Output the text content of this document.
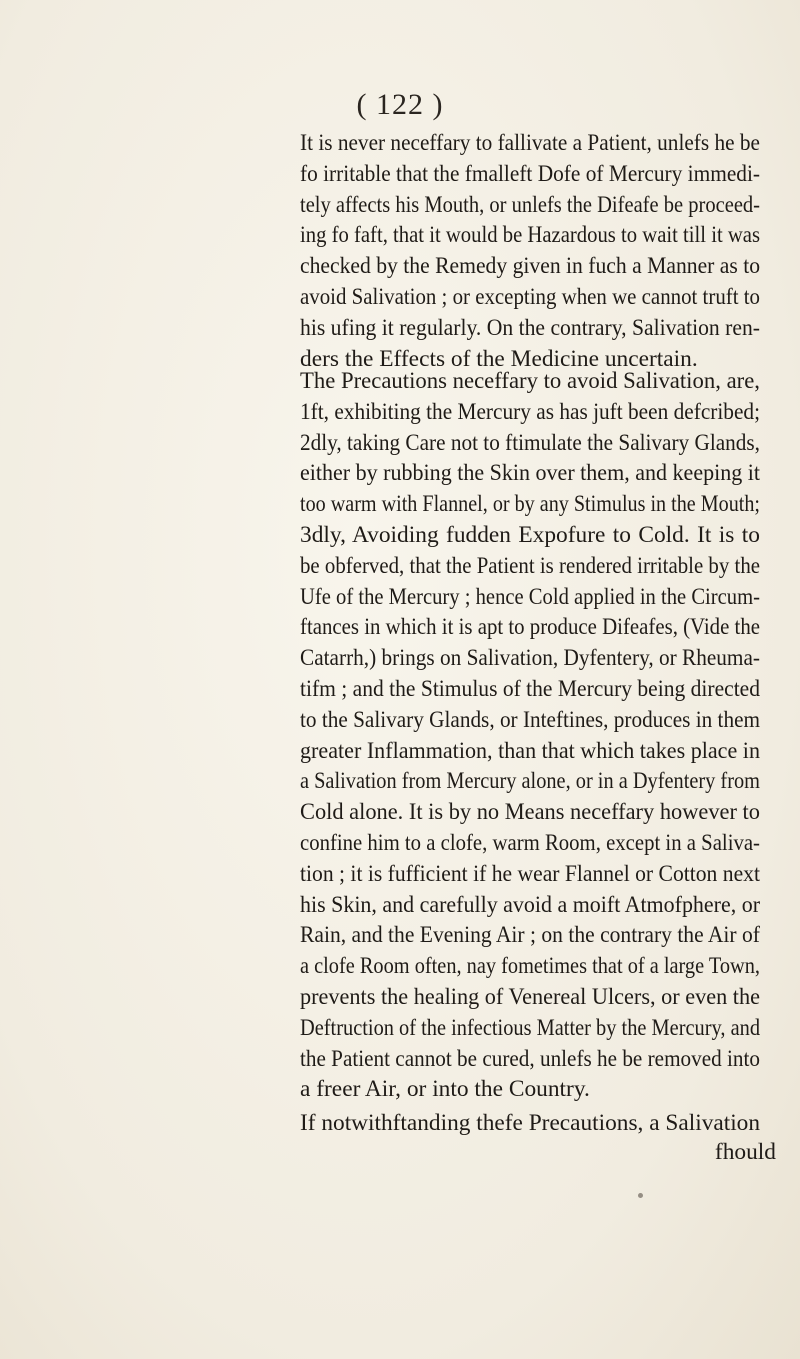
( 122 )
It is never neceffary to fallivate a Patient, unlefs he be
fo irritable that the fmalleft Dofe of Mercury immedi-
tely affects his Mouth, or unlefs the Difeafe be proceed-
ing fo faft, that it would be Hazardous to wait till it was
checked by the Remedy given in fuch a Manner as to
avoid Salivation ; or excepting when we cannot truft to
his ufing it regularly. On the contrary, Salivation ren-
ders the Effects of the Medicine uncertain.
The Precautions neceffary to avoid Salivation, are,
1ft, exhibiting the Mercury as has juft been defcribed;
2dly, taking Care not to ftimulate the Salivary Glands,
either by rubbing the Skin over them, and keeping it
too warm with Flannel, or by any Stimulus in the Mouth;
3dly, Avoiding fudden Expofure to Cold. It is to
be obferved, that the Patient is rendered irritable by the
Ufe of the Mercury ; hence Cold applied in the Circum-
ftances in which it is apt to produce Difeafes, (Vide the
Catarrh,) brings on Salivation, Dyfentery, or Rheuma-
tifm ; and the Stimulus of the Mercury being directed
to the Salivary Glands, or Inteftines, produces in them
greater Inflammation, than that which takes place in
a Salivation from Mercury alone, or in a Dyfentery from
Cold alone. It is by no Means neceffary however to
confine him to a clofe, warm Room, except in a Saliva-
tion ; it is fufficient if he wear Flannel or Cotton next
his Skin, and carefully avoid a moift Atmofphere, or
Rain, and the Evening Air ; on the contrary the Air of
a clofe Room often, nay fometimes that of a large Town,
prevents the healing of Venereal Ulcers, or even the
Deftruction of the infectious Matter by the Mercury, and
the Patient cannot be cured, unlefs he be removed into
a freer Air, or into the Country.
If notwithftanding thefe Precautions, a Salivation
fhould
